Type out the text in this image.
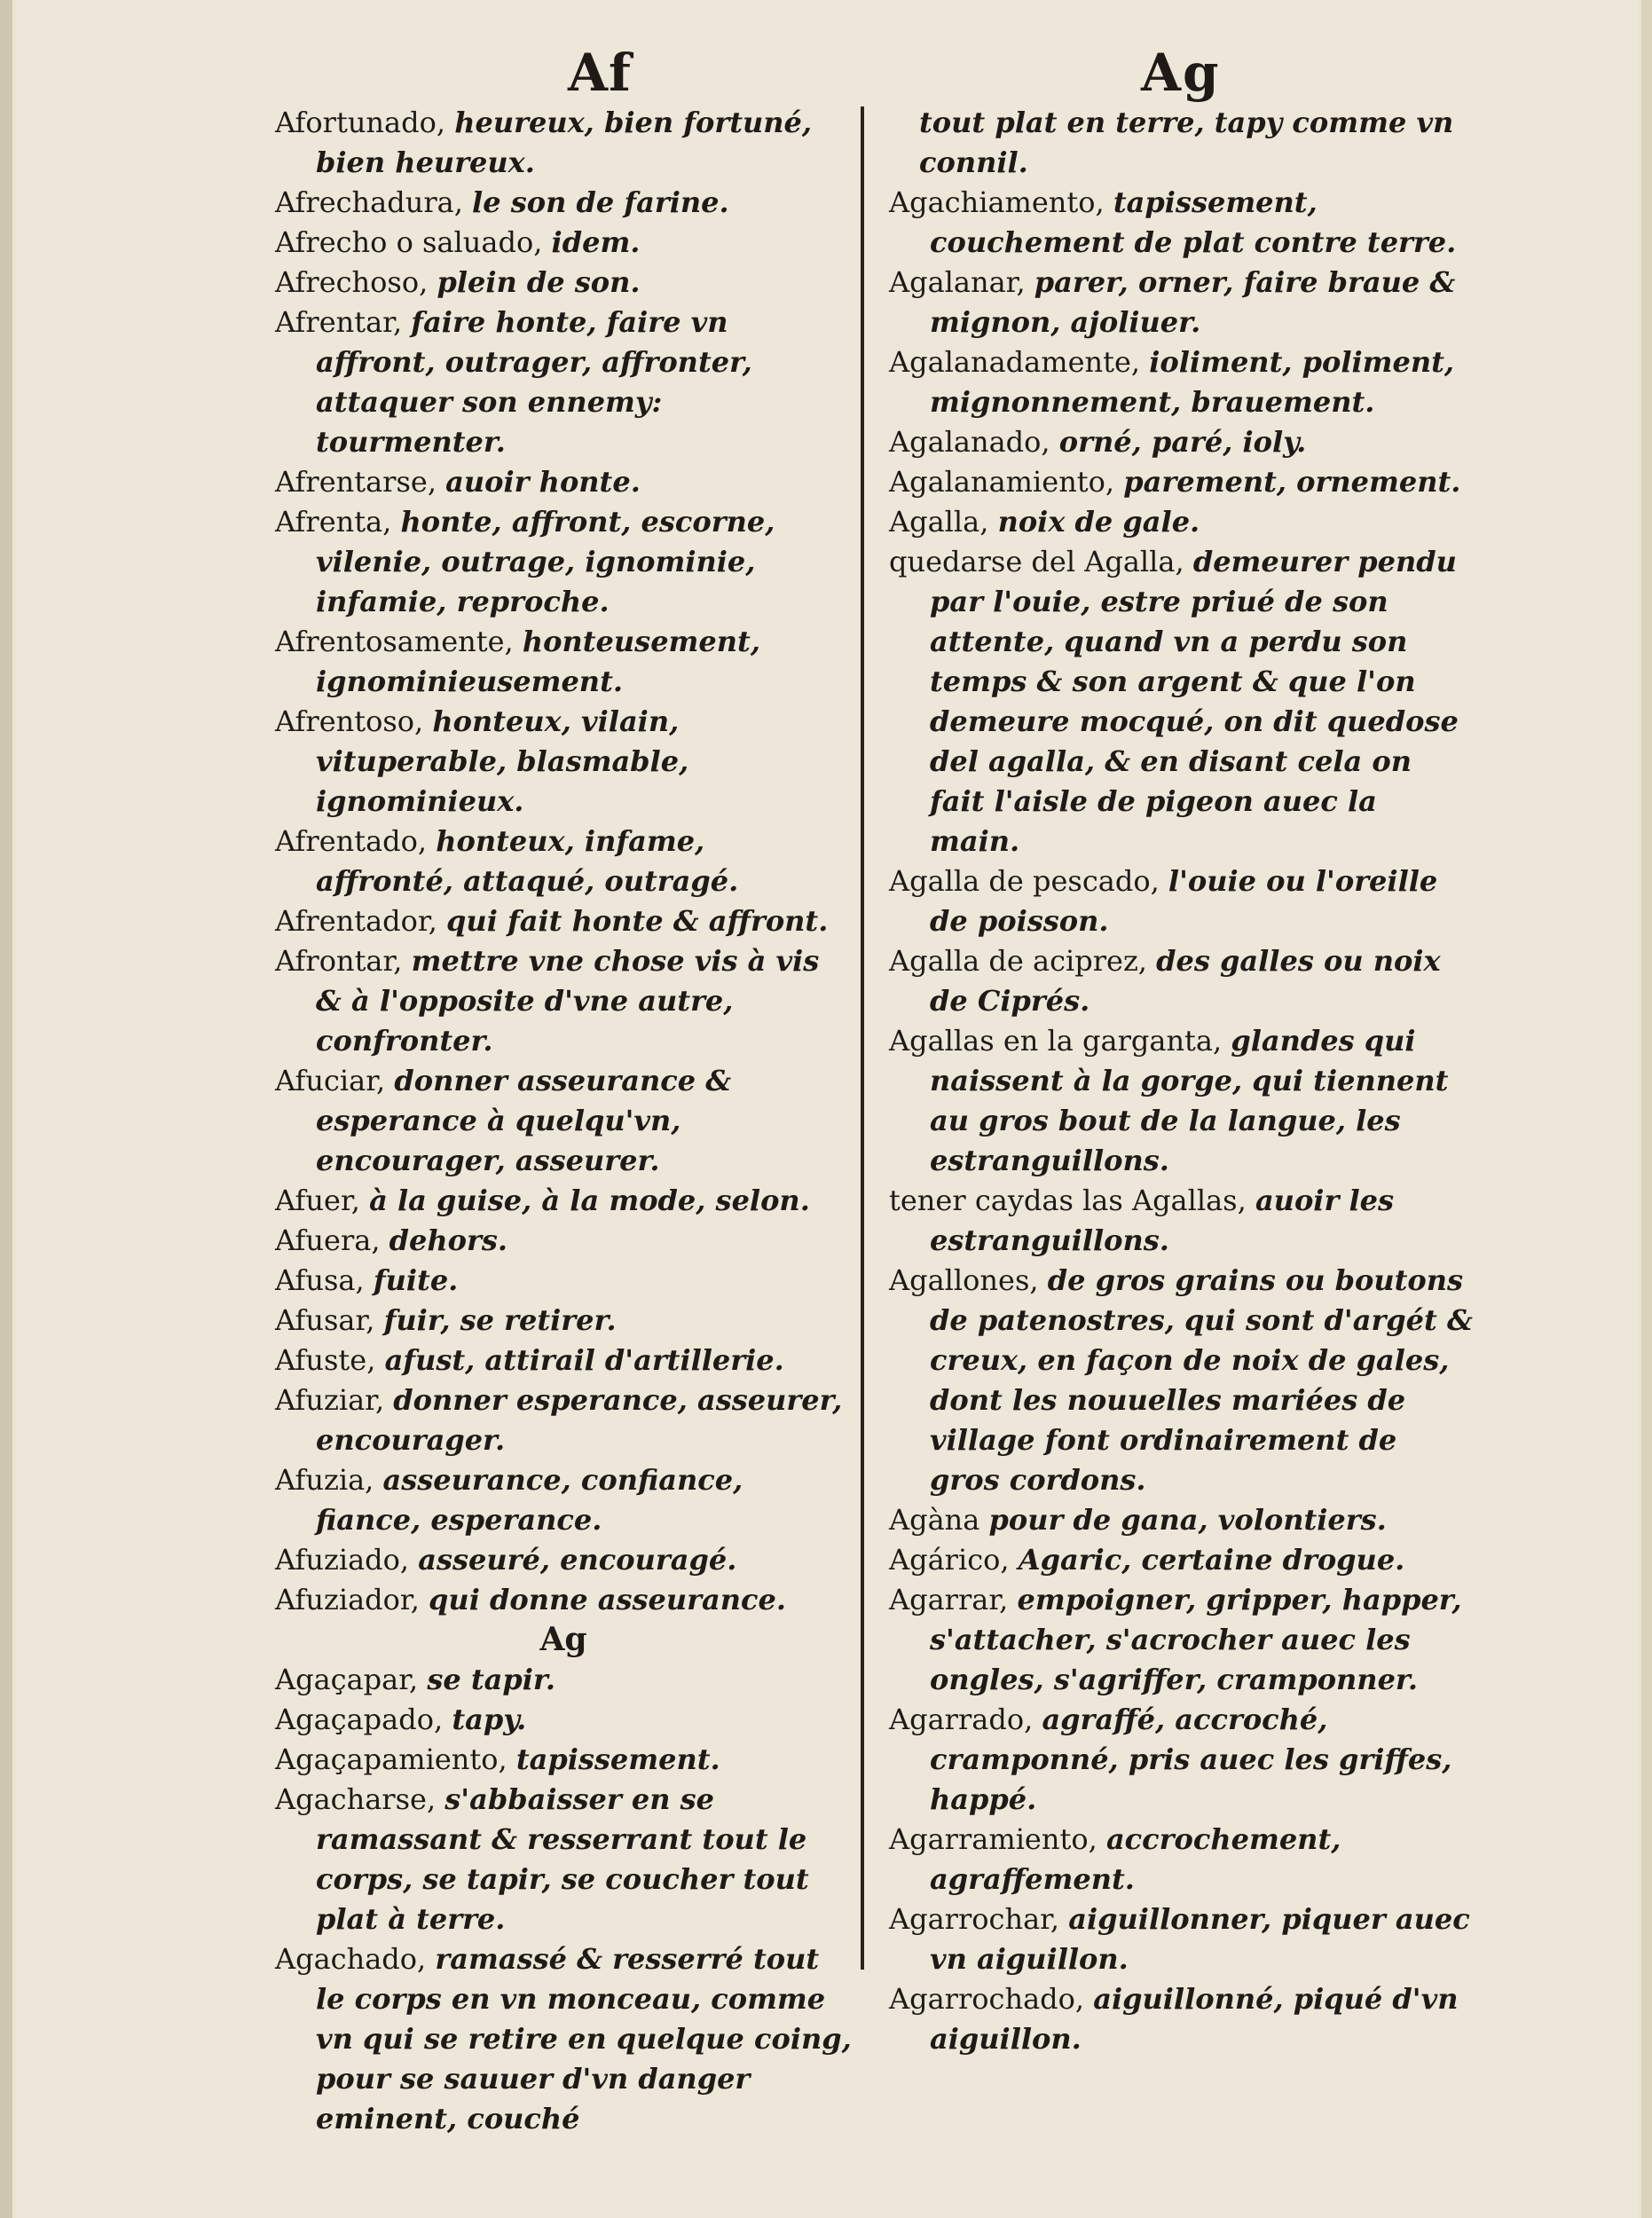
Af	Ag
Afortunado, heureux, bien fortuné, bien heureux.
Afrechadura, le son de farine.
Afrecho o saluado, idem.
Afrechoso, plein de son.
Afrentar, faire honte, faire vn affront, outrager, affronter, attaquer son ennemy: tourmenter.
Afrentarse, auoir honte.
Afrenta, honte, affront, escorne, vilenie, outrage, ignominie, infamie, reproche.
Afrentosamente, honteusement, ignominieusement.
Afrentoso, honteux, vilain, vituperable, blasmable, ignominieux.
Afrentado, honteux, infame, affronté, attaqué, outragé.
Afrentador, qui fait honte & affront.
Afrontar, mettre vne chose vis à vis & à l'opposite d'vne autre, confronter.
Afuciar, donner asseurance & esperance à quelqu'vn, encourager, asseurer.
Afuer, à la guise, à la mode, selon.
Afuera, dehors.
Afusa, fuite.
Afusar, fuir, se retirer.
Afuste, afust, attirail d'artillerie.
Afuziar, donner esperance, asseurer, encourager.
Afuzia, asseurance, confiance, fiance, esperance.
Afuziado, asseuré, encouragé.
Afuziador, qui donne asseurance.
Ag
Agaçapar, se tapir.
Agaçapado, tapy.
Agaçapamiento, tapissement.
Agacharse, s'abbaisser en se ramassant & resserrant tout le corps, se tapir, se coucher tout plat à terre.
Agachado, ramassé & resserré tout le corps en vn monceau, comme vn qui se retire en quelque coing, pour se sauuer d'vn danger eminent, couché
tout plat en terre, tapy comme vn connil.
Agachiamento, tapissement, couchement de plat contre terre.
Agalanar, parer, orner, faire braue & mignon, ajoliuer.
Agalanadamente, ioliment, poliment, mignonnement, brauement.
Agalanado, orné, paré, ioly.
Agalanamiento, parement, ornement.
Agalla, noix de gale.
quedarse del Agalla, demeurer pendu par l'ouie, estre priué de son attente, quand vn a perdu son temps & son argent & que l'on demeure mocqué, on dit quedose del agalla, & en disant cela on fait l'aisle de pigeon auec la main.
Agalla de pescado, l'ouie ou l'oreille de poisson.
Agalla de aciprez, des galles ou noix de Ciprés.
Agallas en la garganta, glandes qui naissent à la gorge, qui tiennent au gros bout de la langue, les estranguillons.
tener caydas las Agallas, auoir les estranguillons.
Agallones, de gros grains ou boutons de patenostres, qui sont d'argét & creux, en façon de noix de gales, dont les nouuelles mariées de village font ordinairement de gros cordons.
Agàna pour de gana, volontiers.
Agárico, Agaric, certaine drogue.
Agarrar, empoigner, gripper, happer, s'attacher, s'acrocher auec les ongles, s'agriffer, cramponner.
Agarrado, agraffé, accroché, cramponné, pris auec les griffes, happé.
Agarramiento, accrochement, agraffement.
Agarrochar, aiguillonner, piquer auec vn aiguillon.
Agarrochado, aiguillonné, piqué d'vn aiguillon.
